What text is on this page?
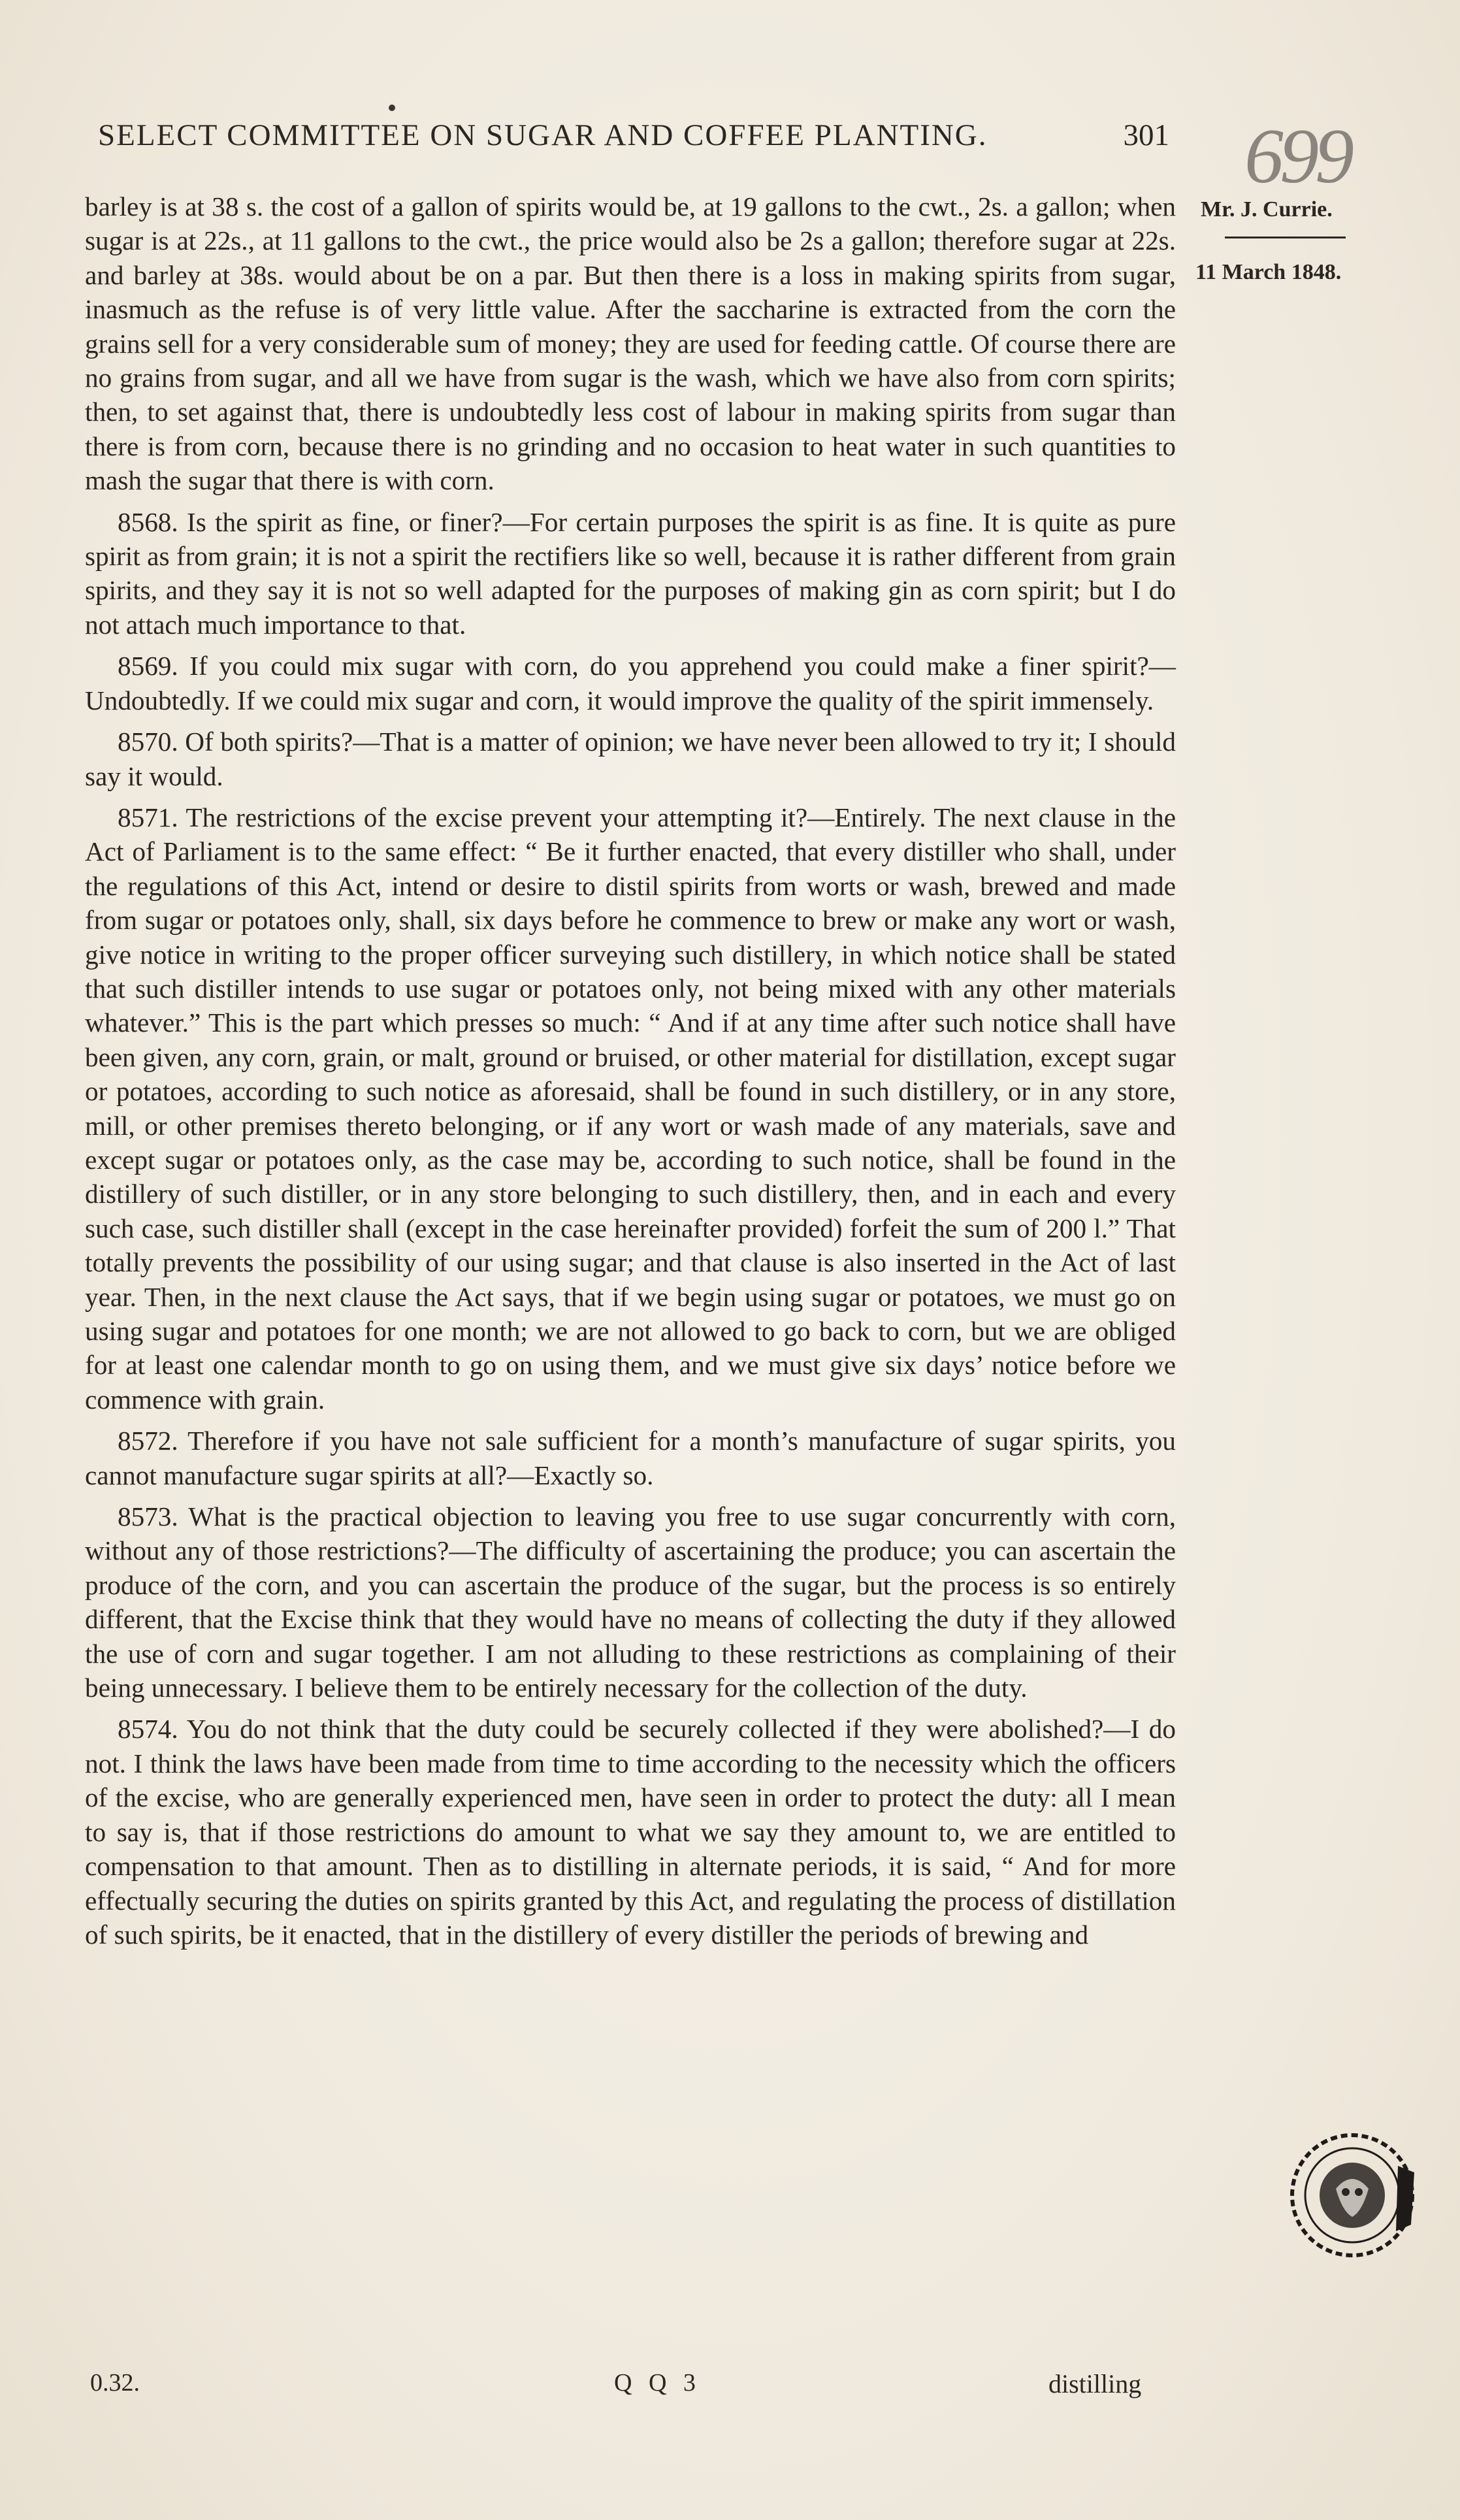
SELECT COMMITTEE ON SUGAR AND COFFEE PLANTING.	301 699
Mr. J. Currie.
11 March 1848.

barley is at 38 s. the cost of a gallon of spirits would be, at 19 gallons to the cwt., 2s. a gallon; when sugar is at 22s., at 11 gallons to the cwt., the price would also be 2s a gallon; therefore sugar at 22s. and barley at 38s. would about be on a par. But then there is a loss in making spirits from sugar, inasmuch as the refuse is of very little value. After the saccharine is extracted from the corn the grains sell for a very considerable sum of money; they are used for feeding cattle. Of course there are no grains from sugar, and all we have from sugar is the wash, which we have also from corn spirits; then, to set against that, there is undoubtedly less cost of labour in making spirits from sugar than there is from corn, because there is no grinding and no occasion to heat water in such quantities to mash the sugar that there is with corn.

8568. Is the spirit as fine, or finer?—For certain purposes the spirit is as fine. It is quite as pure spirit as from grain; it is not a spirit the rectifiers like so well, because it is rather different from grain spirits, and they say it is not so well adapted for the purposes of making gin as corn spirit; but I do not attach much importance to that.

8569. If you could mix sugar with corn, do you apprehend you could make a finer spirit?—Undoubtedly. If we could mix sugar and corn, it would improve the quality of the spirit immensely.

8570. Of both spirits?—That is a matter of opinion; we have never been allowed to try it; I should say it would.

8571. The restrictions of the excise prevent your attempting it?—Entirely. The next clause in the Act of Parliament is to the same effect: “ Be it further enacted, that every distiller who shall, under the regulations of this Act, intend or desire to distil spirits from worts or wash, brewed and made from sugar or potatoes only, shall, six days before he commence to brew or make any wort or wash, give notice in writing to the proper officer surveying such distillery, in which notice shall be stated that such distiller intends to use sugar or potatoes only, not being mixed with any other materials whatever.” This is the part which presses so much: “ And if at any time after such notice shall have been given, any corn, grain, or malt, ground or bruised, or other material for distillation, except sugar or potatoes, according to such notice as aforesaid, shall be found in such distillery, or in any store, mill, or other premises thereto belonging, or if any wort or wash made of any materials, save and except sugar or potatoes only, as the case may be, according to such notice, shall be found in the distillery of such distiller, or in any store belonging to such distillery, then, and in each and every such case, such distiller shall (except in the case hereinafter provided) forfeit the sum of 200 l.” That totally prevents the possibility of our using sugar; and that clause is also inserted in the Act of last year. Then, in the next clause the Act says, that if we begin using sugar or potatoes, we must go on using sugar and potatoes for one month; we are not allowed to go back to corn, but we are obliged for at least one calendar month to go on using them, and we must give six days’ notice before we commence with grain.

8572. Therefore if you have not sale sufficient for a month’s manufacture of sugar spirits, you cannot manufacture sugar spirits at all?—Exactly so.

8573. What is the practical objection to leaving you free to use sugar concurrently with corn, without any of those restrictions?—The difficulty of ascertaining the produce; you can ascertain the produce of the corn, and you can ascertain the produce of the sugar, but the process is so entirely different, that the Excise think that they would have no means of collecting the duty if they allowed the use of corn and sugar together. I am not alluding to these restrictions as complaining of their being unnecessary. I believe them to be entirely necessary for the collection of the duty.

8574. You do not think that the duty could be securely collected if they were abolished?—I do not. I think the laws have been made from time to time according to the necessity which the officers of the excise, who are generally experienced men, have seen in order to protect the duty: all I mean to say is, that if those restrictions do amount to what we say they amount to, we are entitled to compensation to that amount. Then as to distilling in alternate periods, it is said, “ And for more effectually securing the duties on spirits granted by this Act, and regulating the process of distillation of such spirits, be it enacted, that in the distillery of every distiller the periods of brewing and

0.32.	Q Q 3	distilling
